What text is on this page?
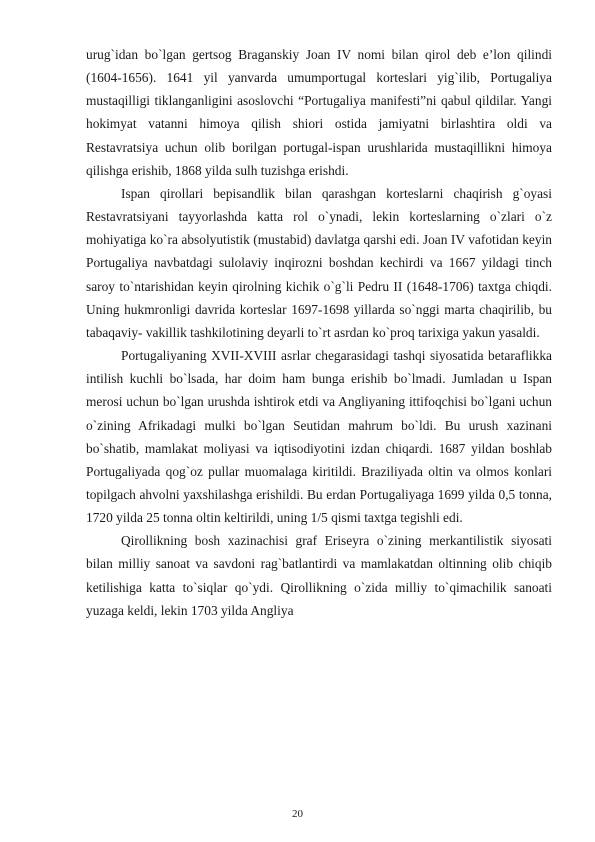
urug`idan bo`lgan gertsog Braganskiy Joan IV nomi bilan qirol deb e’lon qilindi (1604-1656). 1641 yil yanvarda umumportugal korteslari yig`ilib, Portugaliya mustaqilligi tiklanganligini asoslovchi “Portugaliya manifesti”ni qabul qildilar. Yangi hokimyat vatanni himoya qilish shiori ostida jamiyatni birlashtira oldi va Restavratsiya uchun olib borilgan portugal-ispan urushlarida mustaqillikni himoya qilishga erishib, 1868 yilda sulh tuzishga erishdi.

Ispan qirollari bepisandlik bilan qarashgan korteslarni chaqirish g`oyasi Restavratsiyani tayyorlashda katta rol o`ynadi, lekin korteslarning o`zlari o`z mohiyatiga ko`ra absolyutistik (mustabid) davlatga qarshi edi. Joan IV vafotidan keyin Portugaliya navbatdagi sulolaviy inqirozni boshdan kechirdi va 1667 yildagi tinch saroy to`ntarishidan keyin qirolning kichik o`g`li Pedru II (1648-1706) taxtga chiqdi. Uning hukmronligi davrida korteslar 1697-1698 yillarda so`nggi marta chaqirilib, bu tabaqaviy- vakillik tashkilotining deyarli to`rt asrdan ko`proq tarixiga yakun yasaldi.

Portugaliyaning XVII-XVIII asrlar chegarasidagi tashqi siyosatida betaraflikka intilish kuchli bo`lsada, har doim ham bunga erishib bo`lmadi. Jumladan u Ispan merosi uchun bo`lgan urushda ishtirok etdi va Angliyaning ittifoqchisi bo`lgani uchun o`zining Afrikadagi mulki bo`lgan Seutidan mahrum bo`ldi. Bu urush xazinani bo`shatib, mamlakat moliyasi va iqtisodiyotini izdan chiqardi. 1687 yildan boshlab Portugaliyada qog`oz pullar muomalaga kiritildi. Braziliyada oltin va olmos konlari topilgach ahvolni yaxshilashga erishildi. Bu erdan Portugaliyaga 1699 yilda 0,5 tonna, 1720 yilda 25 tonna oltin keltirildi, uning 1/5 qismi taxtga tegishli edi.

Qirollikning bosh xazinachisi graf Eriseyra o`zining merkantilistik siyosati bilan milliy sanoat va savdoni rag`batlantirdi va mamlakatdan oltinning olib chiqib ketilishiga katta to`siqlar qo`ydi. Qirollikning o`zida milliy to`qimachilik sanoati yuzaga keldi, lekin 1703 yilda Angliya

20
